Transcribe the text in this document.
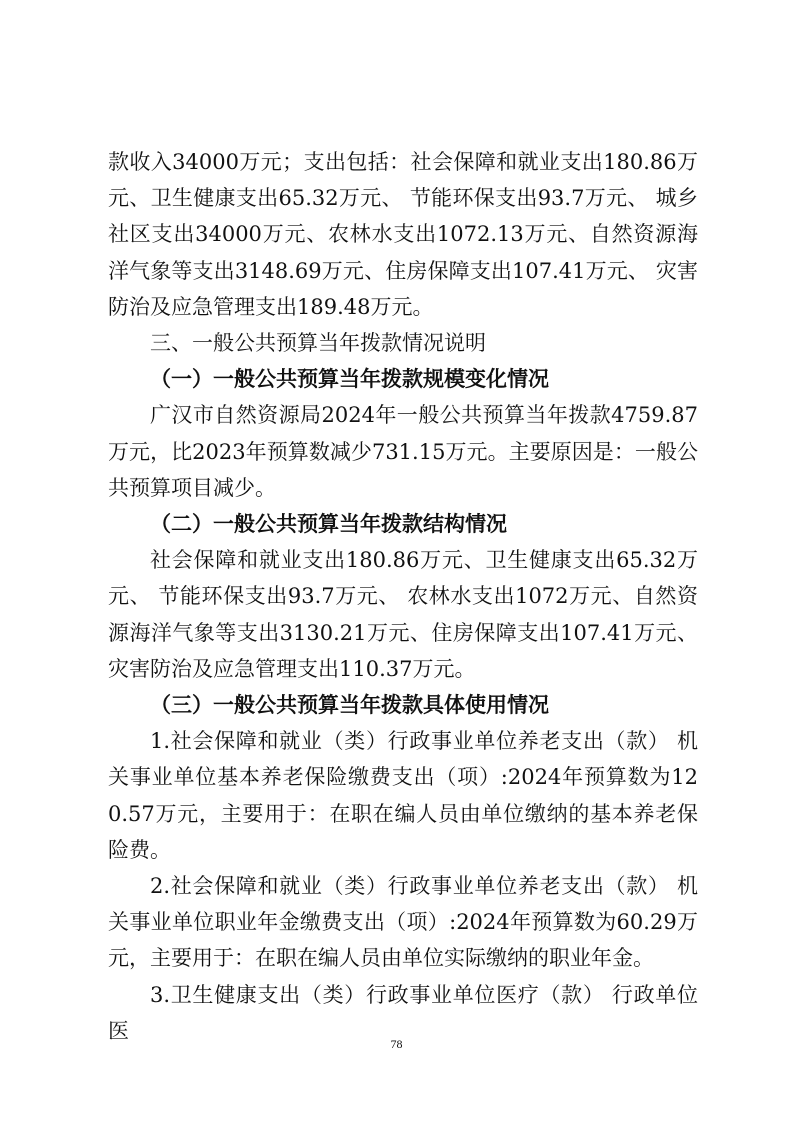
款收入34000万元；支出包括：社会保障和就业支出180.86万元、卫生健康支出65.32万元、 节能环保支出93.7万元、 城乡社区支出34000万元、农林水支出1072.13万元、自然资源海洋气象等支出3148.69万元、住房保障支出107.41万元、 灾害防治及应急管理支出189.48万元。

三、一般公共预算当年拨款情况说明

（一）一般公共预算当年拨款规模变化情况

广汉市自然资源局2024年一般公共预算当年拨款4759.87万元，比2023年预算数减少731.15万元。主要原因是：一般公共预算项目减少。

（二）一般公共预算当年拨款结构情况

社会保障和就业支出180.86万元、卫生健康支出65.32万元、 节能环保支出93.7万元、 农林水支出1072万元、自然资源海洋气象等支出3130.21万元、住房保障支出107.41万元、灾害防治及应急管理支出110.37万元。

（三）一般公共预算当年拨款具体使用情况

1.社会保障和就业（类）行政事业单位养老支出（款） 机关事业单位基本养老保险缴费支出（项）:2024年预算数为120.57万元，主要用于：在职在编人员由单位缴纳的基本养老保险费。

2.社会保障和就业（类）行政事业单位养老支出（款） 机关事业单位职业年金缴费支出（项）:2024年预算数为60.29万元，主要用于：在职在编人员由单位实际缴纳的职业年金。

3.卫生健康支出（类）行政事业单位医疗（款） 行政单位医

78
